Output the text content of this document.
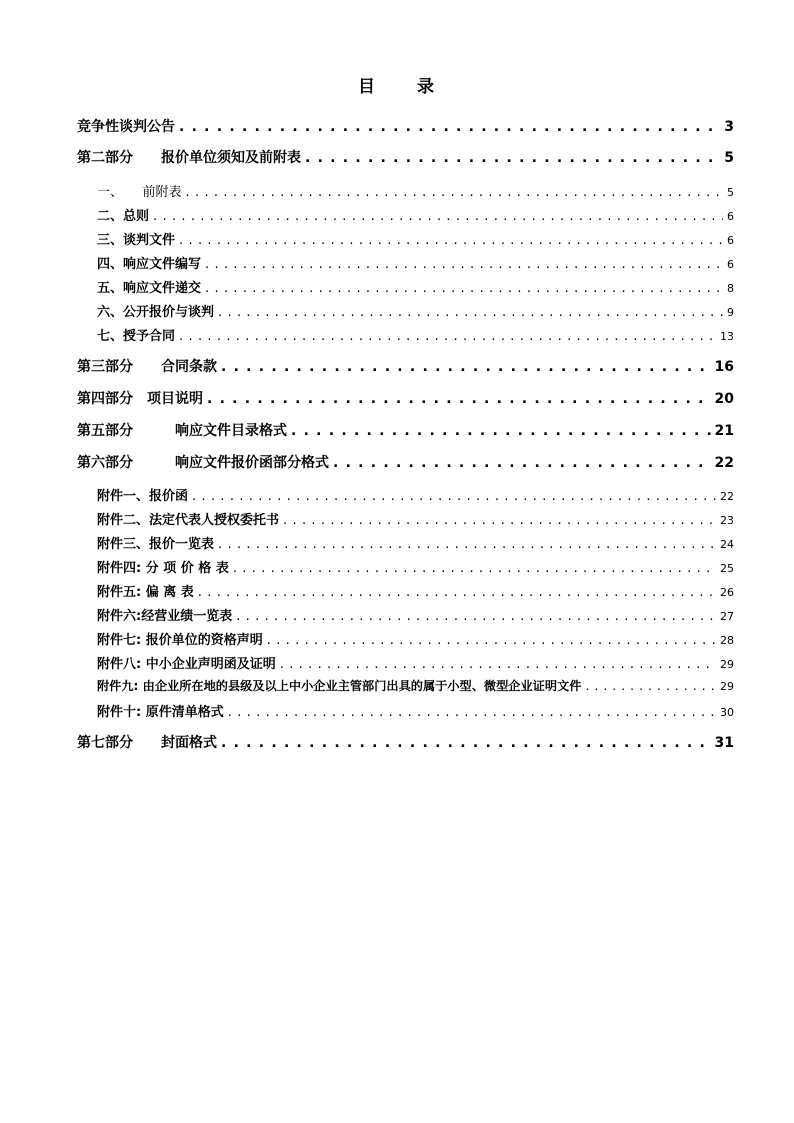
目 录
竞争性谈判公告 . . .	3
第二部分　　报价单位须知及前附表 . . .	5
一、　　前附表 . . .	5
二、总则 . . .	6
三、谈判文件 . . .	6
四、响应文件编写 . . .	6
五、响应文件递交 . . .	8
六、公开报价与谈判 . . .	9
七、授予合同 . . .	13
第三部分　　合同条款 . . .	16
第四部分　项目说明 . . .	20
第五部分　　　响应文件目录格式 . . .	21
第六部分　　　响应文件报价函部分格式 . . .	22
附件一、报价函 . . .	22
附件二、法定代表人授权委托书 . . .	23
附件三、报价一览表 . . .	24
附件四: 分 项 价 格 表 . . .	25
附件五: 偏 离 表 . . .	26
附件六:经营业绩一览表 . . .	27
附件七: 报价单位的资格声明 . . .	28
附件八: 中小企业声明函及证明 . . .	29
附件九: 由企业所在地的县级及以上中小企业主管部门出具的属于小型、微型企业证明文件 . . .	29
附件十: 原件清单格式 . . .	30
第七部分　　封面格式 . . .	31
